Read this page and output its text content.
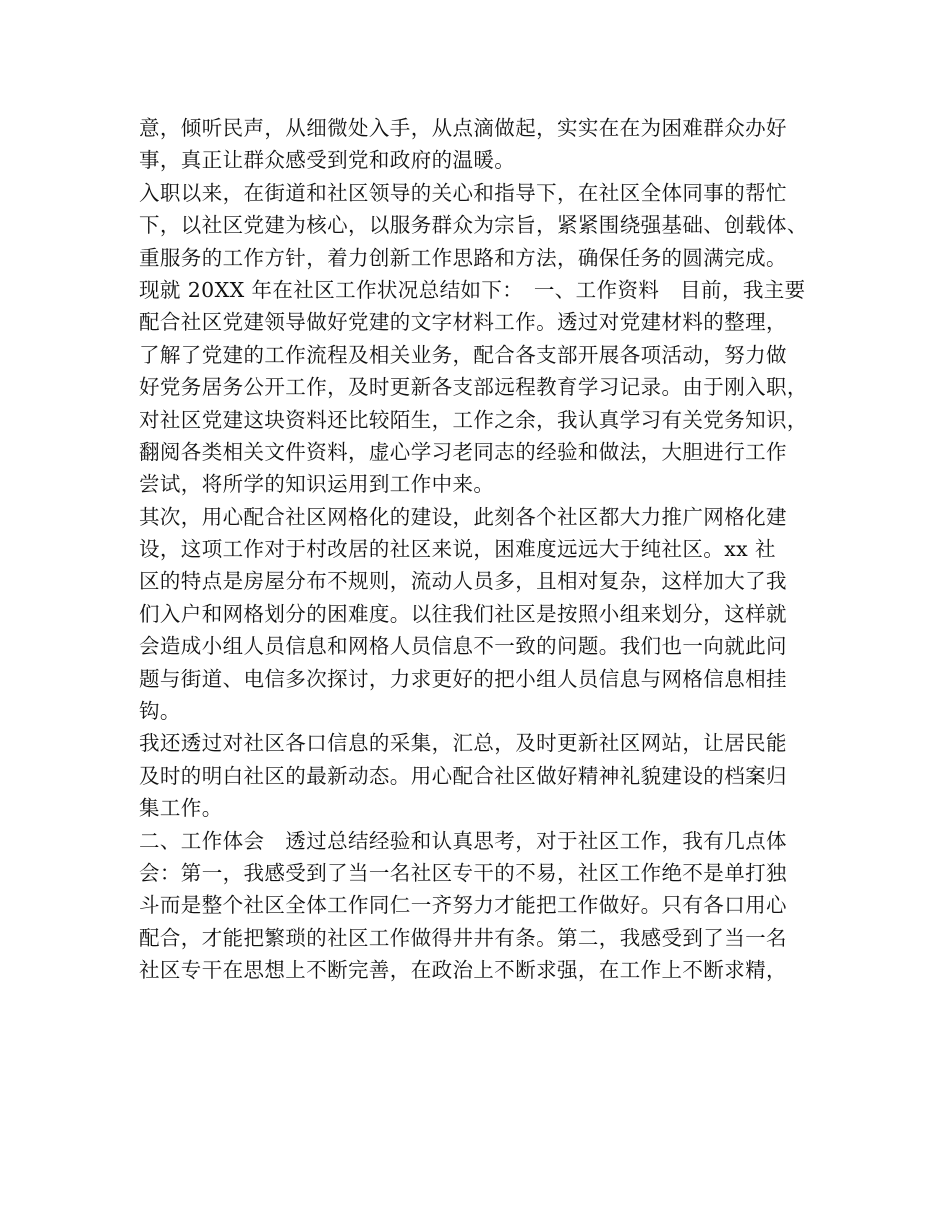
意，倾听民声，从细微处入手，从点滴做起，实实在在为困难群众办好
事，真正让群众感受到党和政府的温暖。
入职以来，在街道和社区领导的关心和指导下，在社区全体同事的帮忙
下，以社区党建为核心，以服务群众为宗旨，紧紧围绕强基础、创载体、
重服务的工作方针，着力创新工作思路和方法，确保任务的圆满完成。
现就 20XX 年在社区工作状况总结如下：　一、工作资料　目前，我主要
配合社区党建领导做好党建的文字材料工作。透过对党建材料的整理，
了解了党建的工作流程及相关业务，配合各支部开展各项活动，努力做
好党务居务公开工作，及时更新各支部远程教育学习记录。由于刚入职，
对社区党建这块资料还比较陌生，工作之余，我认真学习有关党务知识，
翻阅各类相关文件资料，虚心学习老同志的经验和做法，大胆进行工作
尝试，将所学的知识运用到工作中来。
其次，用心配合社区网格化的建设，此刻各个社区都大力推广网格化建
设，这项工作对于村改居的社区来说，困难度远远大于纯社区。xx 社
区的特点是房屋分布不规则，流动人员多，且相对复杂，这样加大了我
们入户和网格划分的困难度。以往我们社区是按照小组来划分，这样就
会造成小组人员信息和网格人员信息不一致的问题。我们也一向就此问
题与街道、电信多次探讨，力求更好的把小组人员信息与网格信息相挂
钩。
我还透过对社区各口信息的采集，汇总，及时更新社区网站，让居民能
及时的明白社区的最新动态。用心配合社区做好精神礼貌建设的档案归
集工作。
二、工作体会　透过总结经验和认真思考，对于社区工作，我有几点体
会：第一，我感受到了当一名社区专干的不易，社区工作绝不是单打独
斗而是整个社区全体工作同仁一齐努力才能把工作做好。只有各口用心
配合，才能把繁琐的社区工作做得井井有条。第二，我感受到了当一名
社区专干在思想上不断完善，在政治上不断求强，在工作上不断求精，
